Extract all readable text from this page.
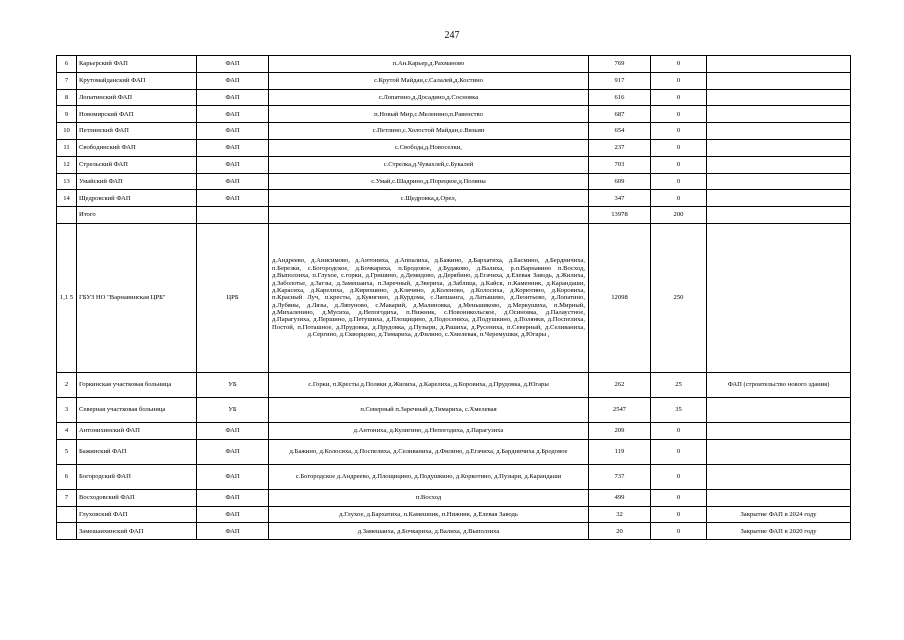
247
6	Карьерский ФАП	ФАП	п.Ан.Карьер,д.Рахманово	769	0	
7	Крутомайданский ФАП	ФАП	с.Крутой Майдан,с.Салалей,д.Костино	917	0	
8	Лопатинский ФАП	ФАП	с.Лопатино,д.Досадино,д.Сосновка	616	0	
9	Новомирский ФАП	ФАП	п.Новый Мир,с.Меленино,п.Равенство	687	0	
10	Петлинский ФАП	ФАП	с.Петлино,с.Холостой Майдан,с.Вязьин	654	0	
11	Свободинский ФАП	ФАП	с.Свобода,д.Новоселки,	237	0	
12	Стрельский ФАП	ФАП	с.Стрелка,д.Чувахлей,с.Букалей	703	0	
13	Умайский ФАП	ФАП	с.Умай,с.Шадрино,д.Порецкое,д.Поляны	609	0	
14	Щедровский ФАП	ФАП	с.Щедровка,д.Орел,	347	0	
	Итого			13978	200	
1,1 5	ГБУЗ НО "Варнавинская ЦРБ"	ЦРБ	д.Андреево, д.Анисимово, д.Антониха, д.Аппалиха, д.Бажино, д.Бархатиха, д.Басмино, д.Бердничиха, п.Березки, с.Богородское, д.Бочкариха, п.Бродовое, д.Будаково, д.Валиха, р.п.Варнавино п.Восход, д.Выползиха, п.Глухое, с.горки, д.Гришино, д.Демидово, д.Дерябино, д.Егачиха, д.Елевая Заводь, д.Жилиха, д.Заболотье, д.Загзы, д.Замешаиха, п.Заречный, д.Звериха, д.Заблица, д.Кайск, п.Каменник, д.Карандаши, д.Карасиха, д.Карелиха, д.Кирюшино, д.Клячино, д.Коленово, д.Колосиха, д.Корютино, д.Коровиха, п.Красный Луч, п.кресты, д.Куянгино, д.Курдома, с.Лапшанга, д.Латышево, д.Леонтьево, д.Лопатино, д.Лубяны, д.Лязы, д.Ляпуново, с.Макарий, д.Малиновка, д.Меньшиково, д.Меркушиха, п.Мирный, д.Михаленино, д.Мусиха, д.Непогодиха, п.Нижник, с.Новоникольское, д.Осиновка, д.Палаустное, д.Парагузиха, д.Першино, д.Петушиха, д.Площицино, д.Подосениха, д.Подушкино, д.Полянки, д.Поспелиха, Постой, п.Поташное, д.Прудовка, д.Прудовка, д.Пузыри, д.Рашиха, д.Русениха, п.Северный, д.Селиваниха, д.Сергино, д.Скворцово, д.Тимариха, д.Филино, с.Хмелевая, п.Черемушки, д.Югары ,	12098	250	
2	Горкинская участковая больница	УБ	с.Горки, п.Кресты д.Поляки д.Жилиха, д.Карелиха, д.Коровиха, д.Прудовка, д.Югары	262	25	ФАП (строительство нового здания)
3	Северная участковая больница	УБ	п.Северный п.Заречный д.Тимариха, с.Хмелевая	2547	35	
4	Антонихинский ФАП	ФАП	д.Антониха, д.Кулигино, д.Непогодиха, д.Парагузиха	209	0	
5	Бажинский ФАП	ФАП	д.Бажино, д.Колосиха, д.Поспелиха, д.Селиваниха, д.Филино, д.Егачиха, д.Бардничиха д.Бродовое	119	0	
6	Богородский ФАП	ФАП	с.Богородское д.Андреево, д.Площицино, д.Подушкино, д.Коркотино, д.Пузыри, д.Карандаши	737	0	
7	Восходовский ФАП	ФАП	п.Восход	499	0	
	Глуховский ФАП	ФАП	д.Глухое, д.Бархатиха, п.Камешник, п.Нижник, д.Елевая Заводь	32	0	Закрытие ФАП в 2024 году
	Замешаихинский ФАП	ФАП	д.Замешаиха, д.Бочкариха, д.Валиха, д.Выползиха	20	0	Закрытие ФАП в 2020 году
